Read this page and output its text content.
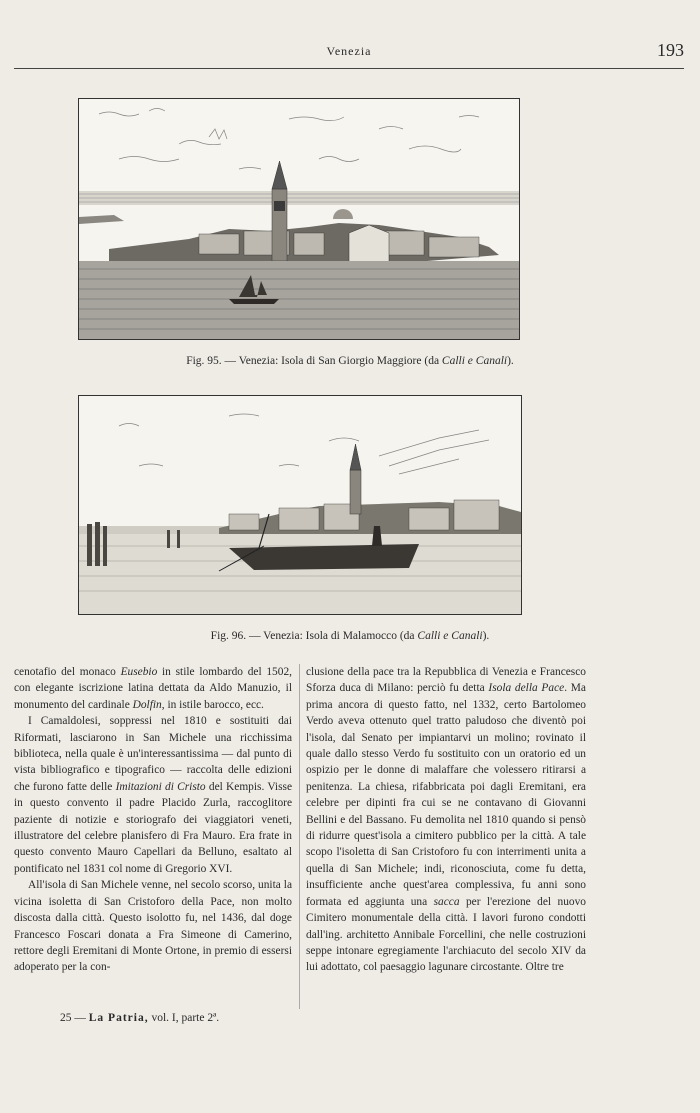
Venezia	193
Fig. 95. — Venezia: Isola di San Giorgio Maggiore (da Calli e Canali).
Fig. 96. — Venezia: Isola di Malamocco (da Calli e Canali).

cenotafio del monaco Eusebio in stile lombardo del 1502, con elegante iscrizione latina dettata da Aldo Manuzio, il monumento del cardinale Dolfin, in istile barocco, ecc.

I Camaldolesi, soppressi nel 1810 e sostituiti dai Riformati, lasciarono in San Michele una ricchissima biblioteca, nella quale è un'interessantissima — dal punto di vista bibliografico e tipografico — raccolta delle edizioni che furono fatte delle Imitazioni di Cristo del Kempis. Visse in questo convento il padre Placido Zurla, raccoglitore paziente di notizie e storiografo dei viaggiatori veneti, illustratore del celebre planisfero di Fra Mauro. Era frate in questo convento Mauro Capellari da Belluno, esaltato al pontificato nel 1831 col nome di Gregorio XVI.

All'isola di San Michele venne, nel secolo scorso, unita la vicina isoletta di San Cristoforo della Pace, non molto discosta dalla città. Questo isolotto fu, nel 1436, dal doge Francesco Foscari donata a Fra Simeone di Camerino, rettore degli Eremitani di Monte Ortone, in premio di essersi adoperato per la con-

clusione della pace tra la Repubblica di Venezia e Francesco Sforza duca di Milano: perciò fu detta Isola della Pace. Ma prima ancora di questo fatto, nel 1332, certo Bartolomeo Verdo aveva ottenuto quel tratto paludoso che diventò poi l'isola, dal Senato per impiantarvi un molino; rovinato il quale dallo stesso Verdo fu sostituito con un oratorio ed un ospizio per le donne di malaffare che volessero ritirarsi a penitenza. La chiesa, rifabbricata poi dagli Eremitani, era celebre per dipinti fra cui se ne contavano di Giovanni Bellini e del Bassano. Fu demolita nel 1810 quando si pensò di ridurre quest'isola a cimitero pubblico per la città. A tale scopo l'isoletta di San Cristoforo fu con interrimenti unita a quella di San Michele; indi, riconosciuta, come fu detta, insufficiente anche quest'area complessiva, fu anni sono formata ed aggiunta una sacca per l'erezione del nuovo Cimitero monumentale della città. I lavori furono condotti dall'ing. architetto Annibale Forcellini, che nelle costruzioni seppe intonare egregiamente l'archiacuto del secolo XIV da lui adottato, col paesaggio lagunare circostante. Oltre tre

25 — La Patria, vol. I, parte 2ª.
